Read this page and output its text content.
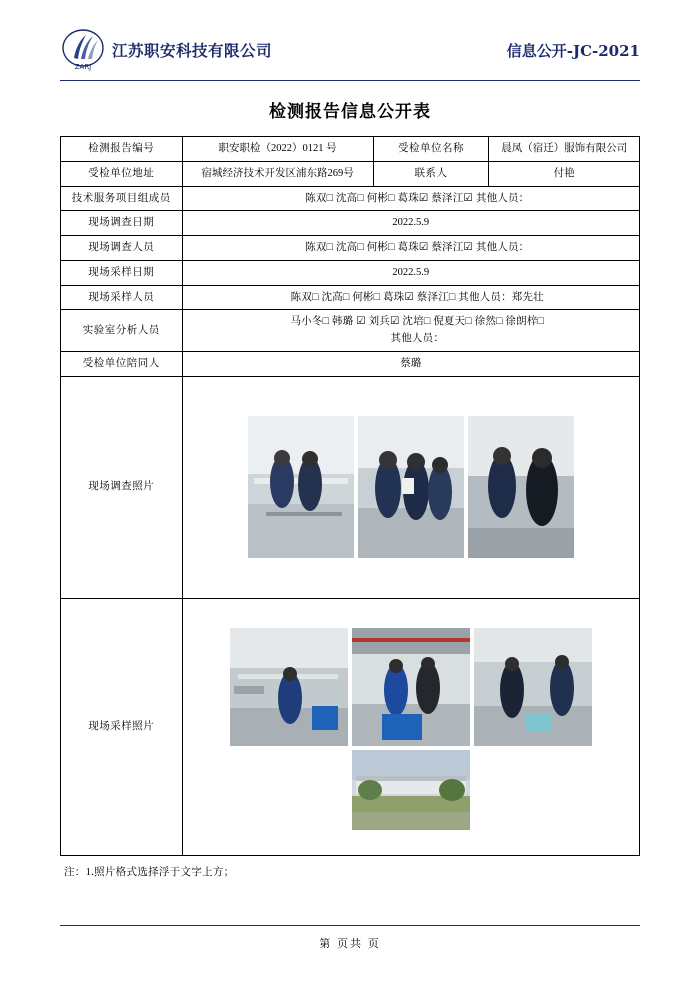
ZARJ
江苏职安科技有限公司	信息公开-JC-2021
检测报告信息公开表
检测报告编号	职安职检（2022）0121 号	受检单位名称	晨凤（宿迁）服饰有限公司
受检单位地址	宿城经济技术开发区浦东路269号	联系人	付艳
技术服务项目组成员	陈双□ 沈高□ 何彬□ 葛珠☑ 蔡泽江☑ 其他人员：		
现场调查日期	2022.5.9		
现场调查人员	陈双□ 沈高□ 何彬□ 葛珠☑ 蔡泽江☑ 其他人员：		
现场采样日期	2022.5.9		
现场采样人员	陈双□ 沈高□ 何彬□ 葛珠☑ 蔡泽江□ 其他人员：郑先壮		
实验室分析人员	马小冬□ 韩璐 ☑ 刘兵☑ 沈培□ 倪夏天□ 徐然□ 徐朗梓□
其他人员：		

受检单位陪同人	蔡璐		
现场调查照片	

现场采样照片	
注：1.照片格式选择浮于文字上方；
第 页共 页
